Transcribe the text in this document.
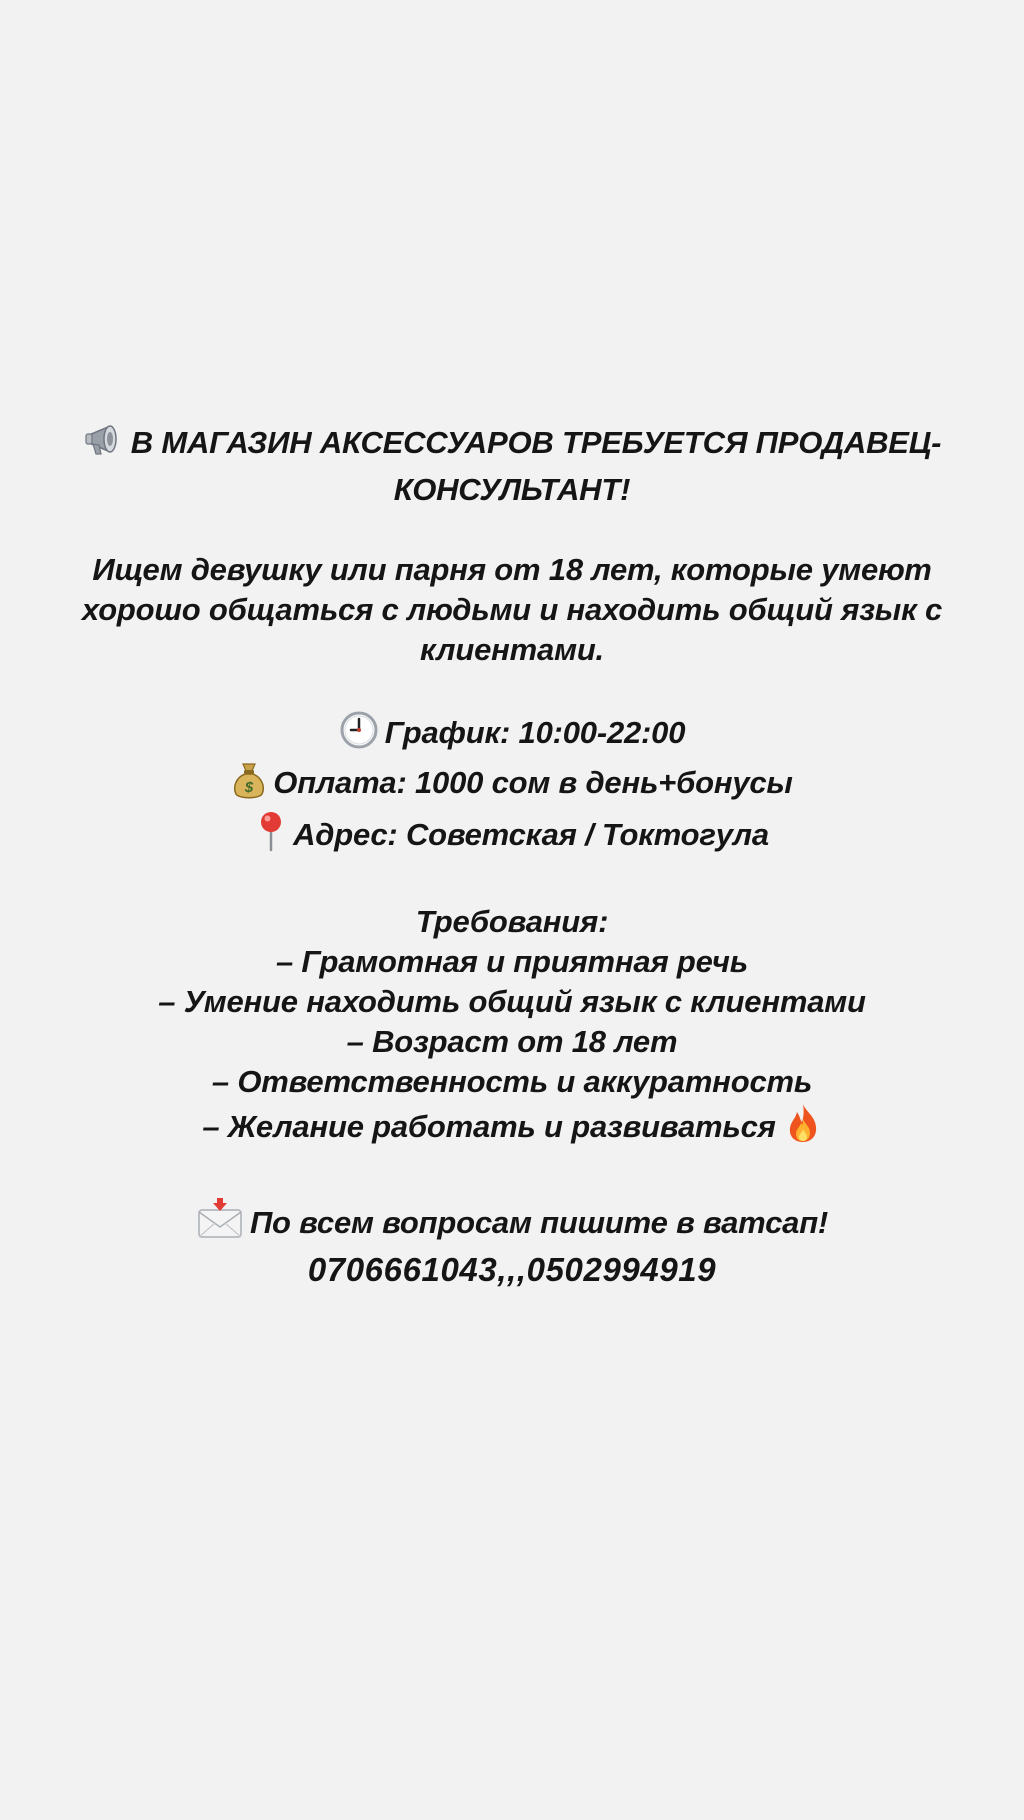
В МАГАЗИН АКСЕССУАРОВ ТРЕБУЕТСЯ ПРОДАВЕЦ-
КОНСУЛЬТАНТ!
Ищем девушку или парня от 18 лет, которые умеют
хорошо общаться с людьми и находить общий язык с
клиентами.
График: 10:00-22:00
$ Оплата: 1000 сом в день+бонусы
Адрес: Советская / Токтогула
Требования:
– Грамотная и приятная речь
– Умение находить общий язык с клиентами
– Возраст от 18 лет
– Ответственность и аккуратность
– Желание работать и развиваться
По всем вопросам пишите в ватсап!
0706661043,,,0502994919
